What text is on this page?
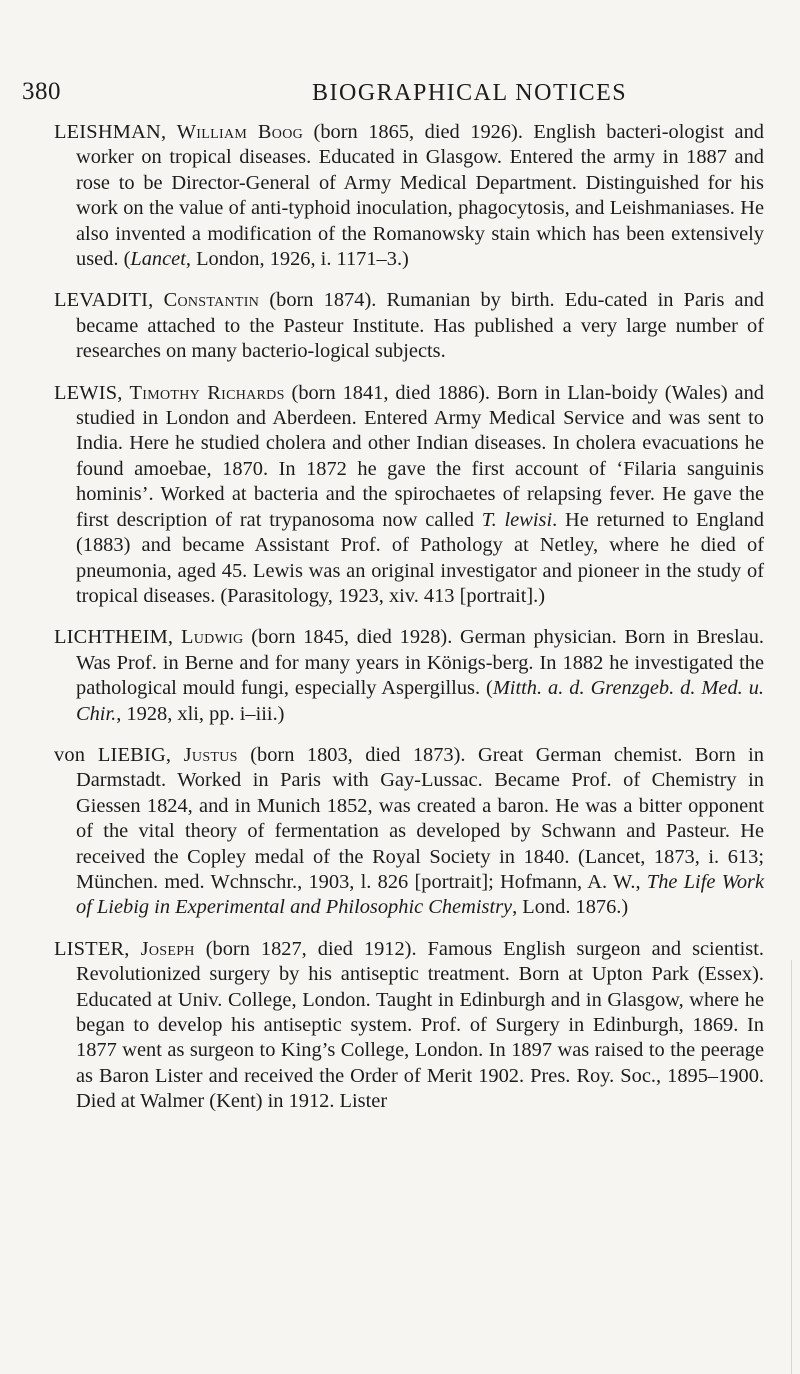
380	BIOGRAPHICAL NOTICES

LEISHMAN, William Boog (born 1865, died 1926). English bacteri-ologist and worker on tropical diseases. Educated in Glasgow. Entered the army in 1887 and rose to be Director-General of Army Medical Department. Distinguished for his work on the value of anti-typhoid inoculation, phagocytosis, and Leishmaniases. He also invented a modification of the Romanowsky stain which has been extensively used. (Lancet, London, 1926, i. 1171–3.)

LEVADITI, Constantin (born 1874). Rumanian by birth. Edu-cated in Paris and became attached to the Pasteur Institute. Has published a very large number of researches on many bacterio-logical subjects.

LEWIS, Timothy Richards (born 1841, died 1886). Born in Llan-boidy (Wales) and studied in London and Aberdeen. Entered Army Medical Service and was sent to India. Here he studied cholera and other Indian diseases. In cholera evacuations he found amoebae, 1870. In 1872 he gave the first account of ‘Filaria sanguinis hominis’. Worked at bacteria and the spirochaetes of relapsing fever. He gave the first description of rat trypanosoma now called T. lewisi. He returned to England (1883) and became Assistant Prof. of Pathology at Netley, where he died of pneumonia, aged 45. Lewis was an original investigator and pioneer in the study of tropical diseases. (Parasitology, 1923, xiv. 413 [portrait].)

LICHTHEIM, Ludwig (born 1845, died 1928). German physician. Born in Breslau. Was Prof. in Berne and for many years in Königs-berg. In 1882 he investigated the pathological mould fungi, especially Aspergillus. (Mitth. a. d. Grenzgeb. d. Med. u. Chir., 1928, xli, pp. i–iii.)

von LIEBIG, Justus (born 1803, died 1873). Great German chemist. Born in Darmstadt. Worked in Paris with Gay-Lussac. Became Prof. of Chemistry in Giessen 1824, and in Munich 1852, was created a baron. He was a bitter opponent of the vital theory of fermentation as developed by Schwann and Pasteur. He received the Copley medal of the Royal Society in 1840. (Lancet, 1873, i. 613; München. med. Wchnschr., 1903, l. 826 [portrait]; Hofmann, A. W., The Life Work of Liebig in Experimental and Philosophic Chemistry, Lond. 1876.)

LISTER, Joseph (born 1827, died 1912). Famous English surgeon and scientist. Revolutionized surgery by his antiseptic treatment. Born at Upton Park (Essex). Educated at Univ. College, London. Taught in Edinburgh and in Glasgow, where he began to develop his antiseptic system. Prof. of Surgery in Edinburgh, 1869. In 1877 went as surgeon to King’s College, London. In 1897 was raised to the peerage as Baron Lister and received the Order of Merit 1902. Pres. Roy. Soc., 1895–1900. Died at Walmer (Kent) in 1912. Lister
